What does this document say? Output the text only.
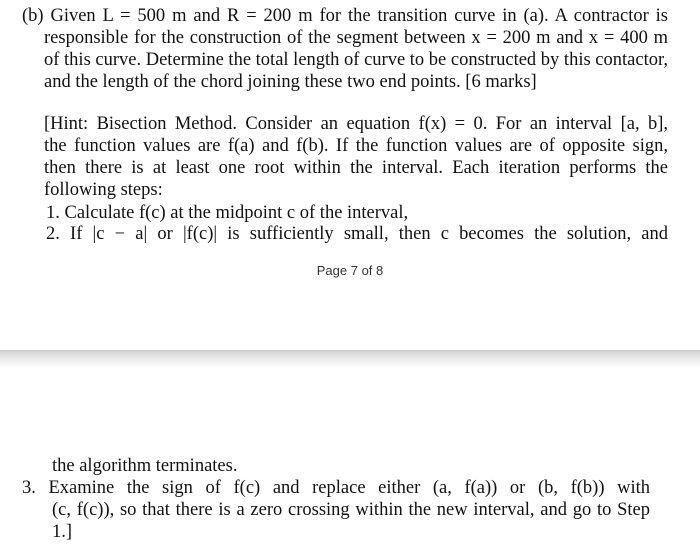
(b) Given L = 500 m and R = 200 m for the transition curve in (a). A contractor is
responsible for the construction of the segment between x = 200 m and x = 400 m
of this curve. Determine the total length of curve to be constructed by this contactor,
and the length of the chord joining these two end points. [6 marks]
[Hint: Bisection Method. Consider an equation f(x) = 0. For an interval [a, b],
the function values are f(a) and f(b). If the function values are of opposite sign,
then there is at least one root within the interval. Each iteration performs the
following steps:
1. Calculate f(c) at the midpoint c of the interval,
2. If |c − a| or |f(c)| is sufficiently small, then c becomes the solution, and
Page 7 of 8
the algorithm terminates.
3. Examine the sign of f(c) and replace either (a, f(a)) or (b, f(b)) with
(c, f(c)), so that there is a zero crossing within the new interval, and go to Step
1.]
